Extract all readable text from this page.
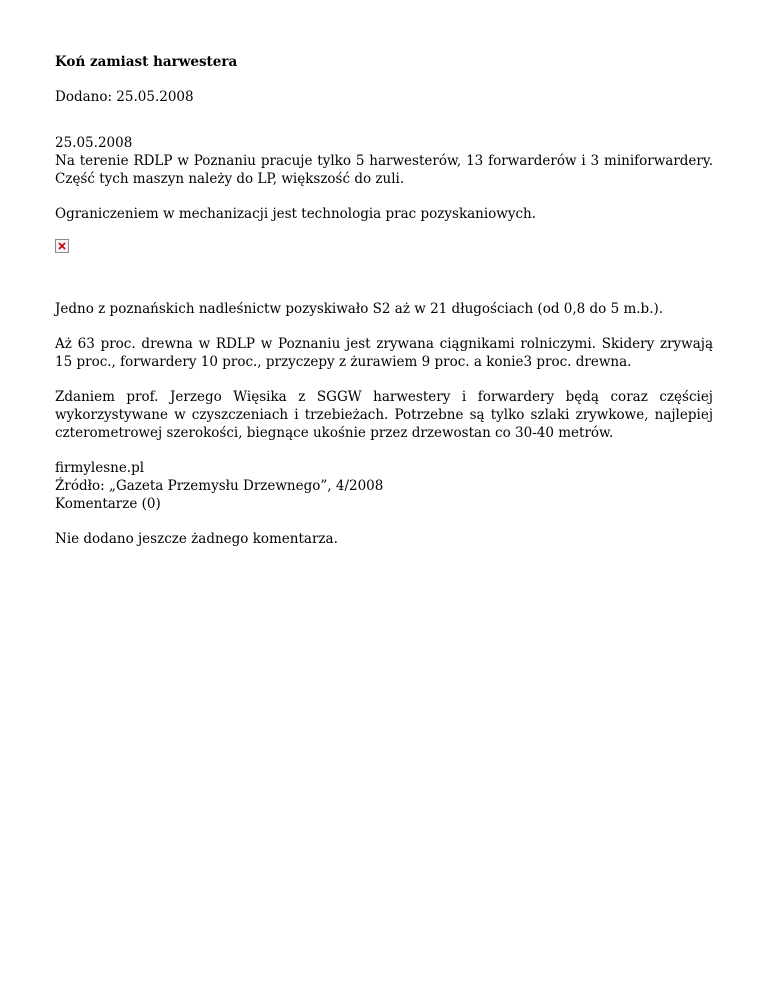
Koń zamiast harwestera

Dodano: 25.05.2008

25.05.2008
Na terenie RDLP w Poznaniu pracuje tylko 5 harwesterów, 13 forwarderów i 3 miniforwardery. Część tych maszyn należy do LP, większość do zuli.

Ograniczeniem w mechanizacji jest technologia prac pozyskaniowych.

Jedno z poznańskich nadleśnictw pozyskiwało S2 aż w 21 długościach (od 0,8 do 5 m.b.).

Aż 63 proc. drewna w RDLP w Poznaniu jest zrywana ciągnikami rolniczymi. Skidery zrywają 15 proc., forwardery 10 proc., przyczepy z żurawiem 9 proc. a konie3 proc. drewna.

Zdaniem prof. Jerzego Więsika z SGGW harwestery i forwardery będą coraz częściej wykorzystywane w czyszczeniach i trzebieżach. Potrzebne są tylko szlaki zrywkowe, najlepiej czterometrowej szerokości, biegnące ukośnie przez drzewostan co 30-40 metrów.

firmylesne.pl
Źródło: „Gazeta Przemysłu Drzewnego”, 4/2008
Komentarze (0)

Nie dodano jeszcze żadnego komentarza.
